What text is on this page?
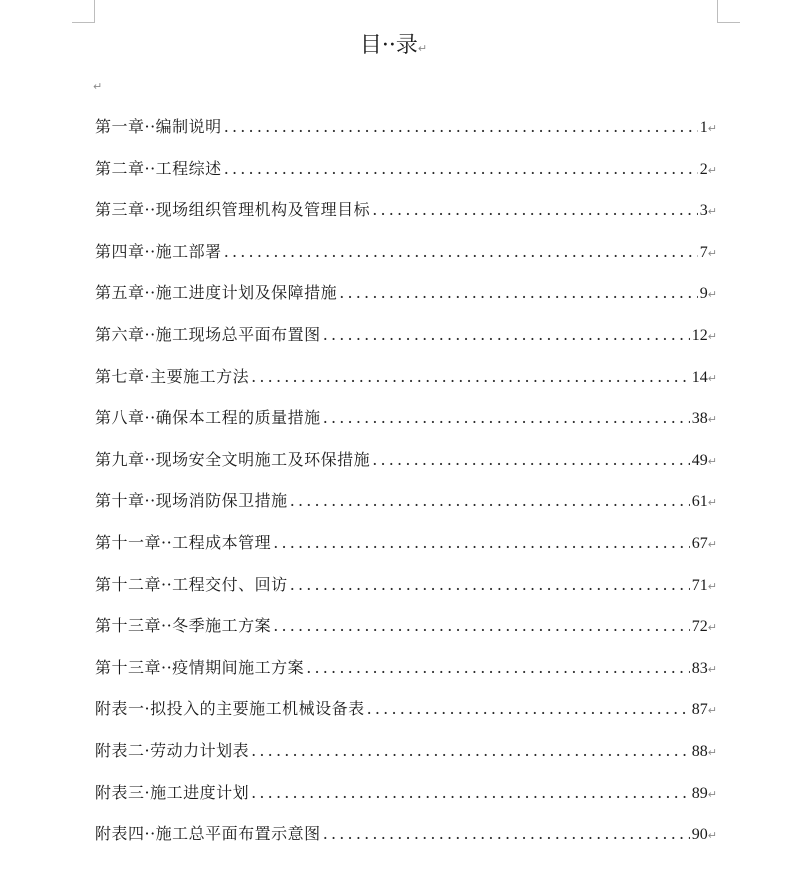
目··录↵
↵
第一章··编制说明 .....	1 ↵
第二章··工程综述 .....	2 ↵
第三章··现场组织管理机构及管理目标 .....	3 ↵
第四章··施工部署 .....	7 ↵
第五章··施工进度计划及保障措施 .....	9 ↵
第六章··施工现场总平面布置图 .....	12 ↵
第七章·主要施工方法 .....	14 ↵
第八章··确保本工程的质量措施 .....	38 ↵
第九章··现场安全文明施工及环保措施 .....	49 ↵
第十章··现场消防保卫措施 .....	61 ↵
第十一章··工程成本管理 .....	67 ↵
第十二章··工程交付、回访 .....	71 ↵
第十三章··冬季施工方案 .....	72 ↵
第十三章··疫情期间施工方案 .....	83 ↵
附表一·拟投入的主要施工机械设备表 .....	87 ↵
附表二·劳动力计划表 .....	88 ↵
附表三·施工进度计划 .....	89 ↵
附表四··施工总平面布置示意图 .....	90 ↵
